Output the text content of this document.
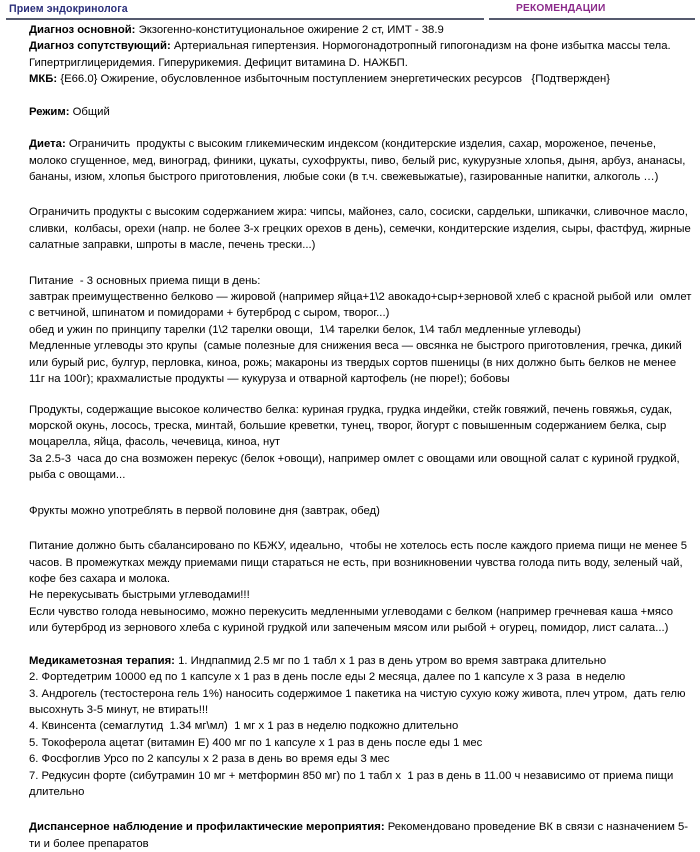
Прием эндокринолога	РЕКОМЕНДАЦИИ

Диагноз основной: Экзогенно-конституциональное ожирение 2 ст, ИМТ - 38.9

Диагноз сопутствующий: Артериальная гипертензия. Нормогонадотропный гипогонадизм на фоне избытка массы тела. Гипертриглицеридемия. Гиперурикемия. Дефицит витамина D. НАЖБП.

МКБ: {Е66.0} Ожирение, обусловленное избыточным поступлением энергетических ресурсов   {Подтвержден}

Режим: Общий

Диета: Ограничить  продукты с высоким гликемическим индексом (кондитерские изделия, сахар, мороженое, печенье, молоко сгущенное, мед, виноград, финики, цукаты, сухофрукты, пиво, белый рис, кукурузные хлопья, дыня, арбуз, ананасы, бананы, изюм, хлопья быстрого приготовления, любые соки (в т.ч. свежевыжатые), газированные напитки, алкоголь …)

Ограничить продукты с высоким содержанием жира: чипсы, майонез, сало, сосиски, сардельки, шпикачки, сливочное масло, сливки,  колбасы, орехи (напр. не более 3-х грецких орехов в день), семечки, кондитерские изделия, сыры, фастфуд, жирные салатные заправки, шпроты в масле, печень трески...)

Питание  - 3 основных приема пищи в день:

завтрак преимущественно белково — жировой (например яйца+1\2 авокадо+сыр+зерновой хлеб с красной рыбой или  омлет с ветчиной, шпинатом и помидорами + бутерброд с сыром, творог...)

обед и ужин по принципу тарелки (1\2 тарелки овощи,  1\4 тарелки белок, 1\4 табл медленные углеводы)

Медленные углеводы это крупы  (самые полезные для снижения веса — овсянка не быстрого приготовления, гречка, дикий или бурый рис, булгур, перловка, киноа, рожь; макароны из твердых сортов пшеницы (в них должно быть белков не менее 11г на 100г); крахмалистые продукты — кукуруза и отварной картофель (не пюре!); бобовы

Продукты, содержащие высокое количество белка: куриная грудка, грудка индейки, стейк говяжий, печень говяжья, судак, морской окунь, лосось, треска, минтай, большие креветки, тунец, творог, йогурт с повышенным содержанием белка, сыр моцарелла, яйца, фасоль, чечевица, киноа, нут

За 2.5-3  часа до сна возможен перекус (белок +овощи), например омлет с овощами или овощной салат с куриной грудкой, рыба с овощами...

Фрукты можно употреблять в первой половине дня (завтрак, обед)

Питание должно быть сбалансировано по КБЖУ, идеально,  чтобы не хотелось есть после каждого приема пищи не менее 5 часов. В промежутках между приемами пищи стараться не есть, при возникновении чувства голода пить воду, зеленый чай, кофе без сахара и молока.

Не перекусывать быстрыми углеводами!!!

Если чувство голода невыносимо, можно перекусить медленными углеводами с белком (например гречневая каша +мясо или бутерброд из зернового хлеба с куриной грудкой или запеченым мясом или рыбой + огурец, помидор, лист салата...)

Медикаметозная терапия: 1. Индпапмид 2.5 мг по 1 табл х 1 раз в день утром во время завтрака длительно

2. Фортедетрим 10000 ед по 1 капсуле х 1 раз в день после еды 2 месяца, далее по 1 капсуле х 3 раза  в неделю

3. Андрогель (тестостерона гель 1%) наносить содержимое 1 пакетика на чистую сухую кожу живота, плеч утром,  дать гелю высохнуть 3-5 минут, не втирать!!!

4. Квинсента (семаглутид  1.34 мг\мл)  1 мг х 1 раз в неделю подкожно длительно

5. Токоферола ацетат (витамин Е) 400 мг по 1 капсуле х 1 раз в день после еды 1 мес

6. Фосфоглив Урсо по 2 капсулы х 2 раза в день во время еды 3 мес

7. Редкусин форте (сибутрамин 10 мг + метформин 850 мг) по 1 табл х  1 раз в день в 11.00 ч независимо от приема пищи длительно

Диспансерное наблюдение и профилактические мероприятия: Рекомендовано проведение ВК в связи с назначением 5-ти и более препаратов
